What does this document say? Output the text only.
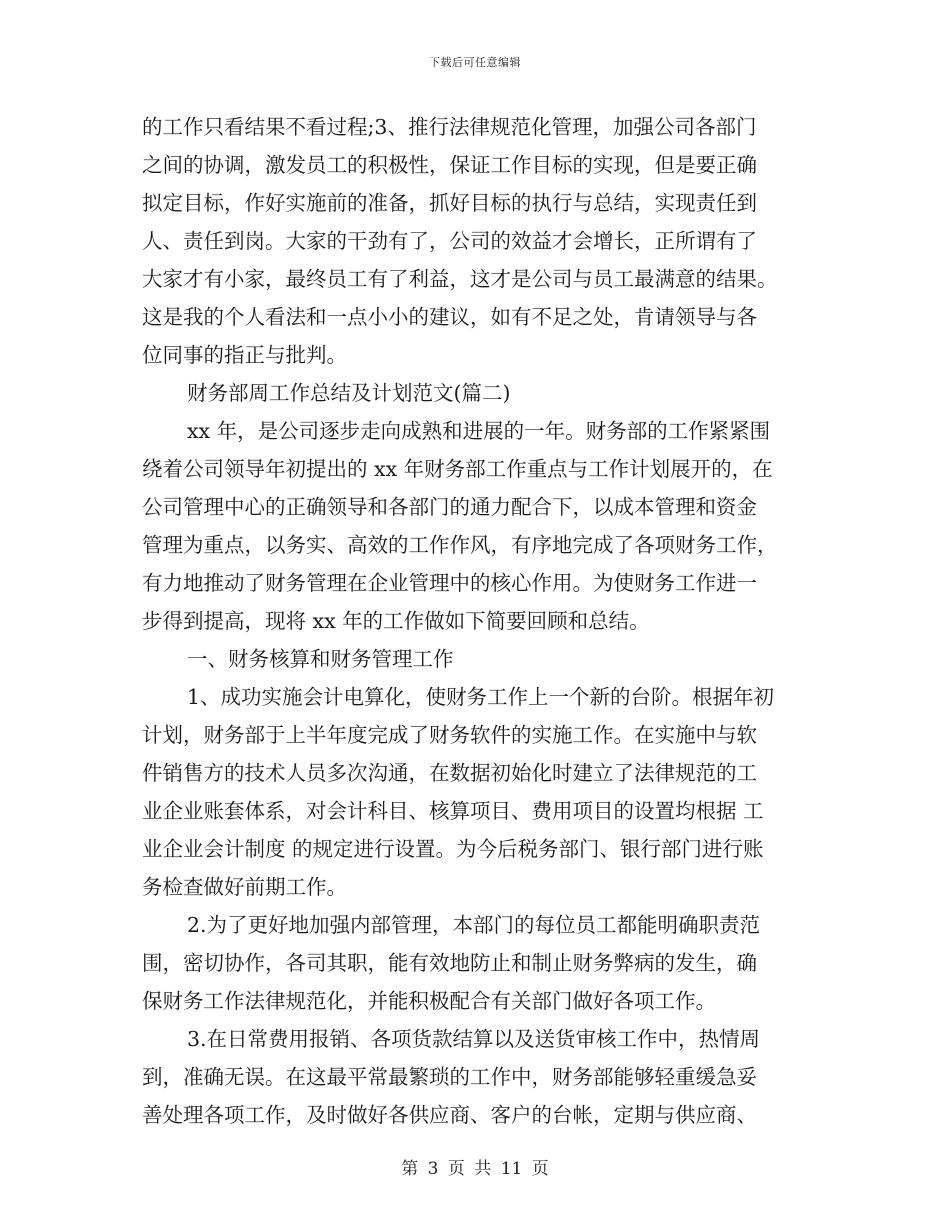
下载后可任意编辑
的工作只看结果不看过程;3、推行法律规范化管理，加强公司各部门
之间的协调，激发员工的积极性，保证工作目标的实现，但是要正确
拟定目标，作好实施前的准备，抓好目标的执行与总结，实现责任到
人、责任到岗。大家的干劲有了，公司的效益才会增长，正所谓有了
大家才有小家，最终员工有了利益，这才是公司与员工最满意的结果。
这是我的个人看法和一点小小的建议，如有不足之处，肯请领导与各
位同事的指正与批判。
财务部周工作总结及计划范文(篇二)
xx 年，是公司逐步走向成熟和进展的一年。财务部的工作紧紧围
绕着公司领导年初提出的 xx 年财务部工作重点与工作计划展开的，在
公司管理中心的正确领导和各部门的通力配合下，以成本管理和资金
管理为重点，以务实、高效的工作作风，有序地完成了各项财务工作，
有力地推动了财务管理在企业管理中的核心作用。为使财务工作进一
步得到提高，现将 xx 年的工作做如下简要回顾和总结。
一、财务核算和财务管理工作
1、成功实施会计电算化，使财务工作上一个新的台阶。根据年初
计划，财务部于上半年度完成了财务软件的实施工作。在实施中与软
件销售方的技术人员多次沟通，在数据初始化时建立了法律规范的工
业企业账套体系，对会计科目、核算项目、费用项目的设置均根据 工
业企业会计制度 的规定进行设置。为今后税务部门、银行部门进行账
务检查做好前期工作。
2.为了更好地加强内部管理，本部门的每位员工都能明确职责范
围，密切协作，各司其职，能有效地防止和制止财务弊病的发生，确
保财务工作法律规范化，并能积极配合有关部门做好各项工作。
3.在日常费用报销、各项货款结算以及送货审核工作中，热情周
到，准确无误。在这最平常最繁琐的工作中，财务部能够轻重缓急妥
善处理各项工作，及时做好各供应商、客户的台帐，定期与供应商、
第 3 页 共 11 页
